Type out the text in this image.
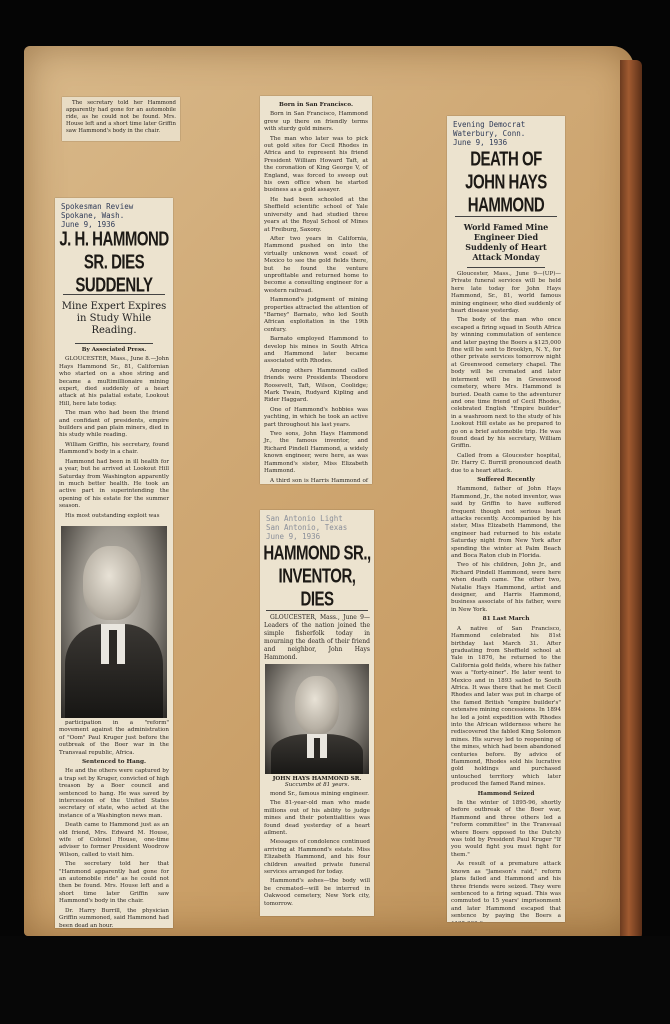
The secretary told her Hammond apparently had gone for an automobile ride, as he could not be found. Mrs. House left and a short time later Griffin saw Hammond's body in the chair.

Spokesman Review
Spokane, Wash.
June 9, 1936
J. H. HAMMOND SR. DIES SUDDENLY
Mine Expert Expires in Study While Reading.
By Associated Press.

GLOUCESTER, Mass., June 8.—John Hays Hammond Sr., 81, Californian who started on a shoe string and became a multimillionaire mining expert, died suddenly of a heart attack at his palatial estate, Lookout Hill, here late today.

The man who had been the friend and confidant of presidents, empire builders and pan plain miners, died in his study while reading.

William Griffin, his secretary, found Hammond's body in a chair.

Hammond had been in ill health for a year, but he arrived at Lookout Hill Saturday from Washington apparently in much better health. He took an active part in superintending the opening of his estate for the summer season.

His most outstanding exploit was

participation in a "reform" movement against the administration of "Oom" Paul Kruger just before the outbreak of the Boer war in the Transvaal republic, Africa.

Sentenced to Hang.

He and the others were captured by a trap set by Kruger, convicted of high treason by a Boer council and sentenced to hang. He was saved by intercession of the United States secretary of state, who acted at the instance of a Washington news man.

Death came to Hammond just as an old friend, Mrs. Edward M. House, wife of Colonel House, one-time adviser to former President Woodrow Wilson, called to visit him.

The secretary told her that "Hammond apparently had gone for an automobile ride" as he could not then be found. Mrs. House left and a short time later Griffin saw Hammond's body in the chair.

Dr. Harry Burrill, the physician Griffin summoned, said Hammond had been dead an hour.

Born in San Francisco.

Born in San Francisco, Hammond grew up there on friendly terms with sturdy gold miners.

The man who later was to pick out gold sites for Cecil Rhodes in Africa and to represent his friend President William Howard Taft, at the coronation of King George V, of England, was forced to sweep out his own office when he started business as a gold assayer.

He had been schooled at the Sheffield scientific school of Yale university and had studied three years at the Royal School of Mines at Freiburg, Saxony.

After two years in California, Hammond pushed on into the virtually unknown west coast of Mexico to see the gold fields there, but he found the venture unprofitable and returned home to become a consulting engineer for a western railroad.

Hammond's judgment of mining properties attracted the attention of "Barney" Barnato, who led South African exploitation in the 19th century.

Barnato employed Hammond to develop his mines in South Africa and Hammond later became associated with Rhodes.

Among others Hammond called friends were Presidents Theodore Roosevelt, Taft, Wilson, Coolidge; Mark Twain, Rudyard Kipling and Rider Haggard.

One of Hammond's hobbies was yachting, in which he took an active part throughout his last years.

Two sons, John Hays Hammond Jr., the famous inventor, and Richard Pindell Hammond, a widely known engineer, were here, as was Hammond's sister, Miss Elizabeth Hammond.

A third son is Harris Hammond of

San Antonio Light
San Antonio, Texas
June 9, 1936
HAMMOND SR., INVENTOR, DIES

GLOUCESTER, Mass., June 9—Leaders of the nation joined the simple fisherfolk today in mourning the death of their friend and neighbor, John Hays Hammond.

JOHN HAYS HAMMOND SR.
Succumbs at 81 years.

mond Sr., famous mining engineer.

The 81-year-old man who made millions out of his ability to judge mines and their potentialities was found dead yesterday of a heart ailment.

Messages of condolence continued arriving at Hammond's estate. Miss Elizabeth Hammond, and his four children awaited private funeral services arranged for today.

Hammond's ashes—the body will be cremated—will be interred in Oakwood cemetery, New York city, tomorrow.

Evening Democrat
Waterbury, Conn.
June 9, 1936
DEATH OF JOHN HAYS HAMMOND
World Famed Mine Engineer Died Suddenly of Heart Attack Monday

Gloucester, Mass., June 9—(UP)—Private funeral services will be held here late today for John Hays Hammond, Sr., 81, world famous mining engineer, who died suddenly of heart disease yesterday.

The body of the man who once escaped a firing squad in South Africa by winning commutation of sentence and later paying the Boers a $125,000 fine will be sent to Brooklyn, N. Y., for other private services tomorrow night at Greenwood cemetery chapel. The body will be cremated and later interment will be in Greenwood cemetery, where Mrs. Hammond is buried. Death came to the adventurer and one time friend of Cecil Rhodes, celebrated English "Empire builder" in a washroom next to the study of his Lookout Hill estate as he prepared to go on a brief automobile trip. He was found dead by his secretary, William Griffin.

Called from a Gloucester hospital, Dr. Harry C. Burrill pronounced death due to a heart attack.

Suffered Recently

Hammond, father of John Hays Hammond, Jr., the noted inventor, was said by Griffin to have suffered frequent though not serious heart attacks recently. Accompanied by his sister, Miss Elizabeth Hammond, the engineer had returned to his estate Saturday night from New York after spending the winter at Palm Beach and Boca Raton club in Florida.

Two of his children, John Jr., and Richard Pindell Hammond, were here when death came. The other two, Natalie Hays Hammond, artist and designer, and Harris Hammond, business associate of his father, were in New York.

81 Last March

A native of San Francisco, Hammond celebrated his 81st birthday last March 31. After graduating from Sheffield school at Yale in 1876, he returned to the California gold fields, where his father was a "forty-niner". He later went to Mexico and in 1893 sailed to South Africa. It was there that he met Cecil Rhodes and later was put in charge of the famed British "empire builder's" extensive mining concessions. In 1894 he led a joint expedition with Rhodes into the African wilderness where he rediscovered the fabled King Solomon mines. His survey led to reopening of the mines, which had been abandoned centuries before. By advice of Hammond, Rhodes sold his lucrative gold holdings and purchased untouched territory which later produced the famed Rand mines.

Hammond Seized

In the winter of 1895-96, shortly before outbreak of the Boer war, Hammond and three others led a "reform committee" in the Transvaal where Boers opposed to the Dutch) was told by President Paul Kruger "If you would fight you must fight for them."

As result of a premature attack known as "Jameson's raid," reform plans failed and Hammond and his three friends were seized. They were sentenced to a firing squad. This was commuted to 15 years' imprisonment and later Hammond escaped that sentence by paying the Boers a
